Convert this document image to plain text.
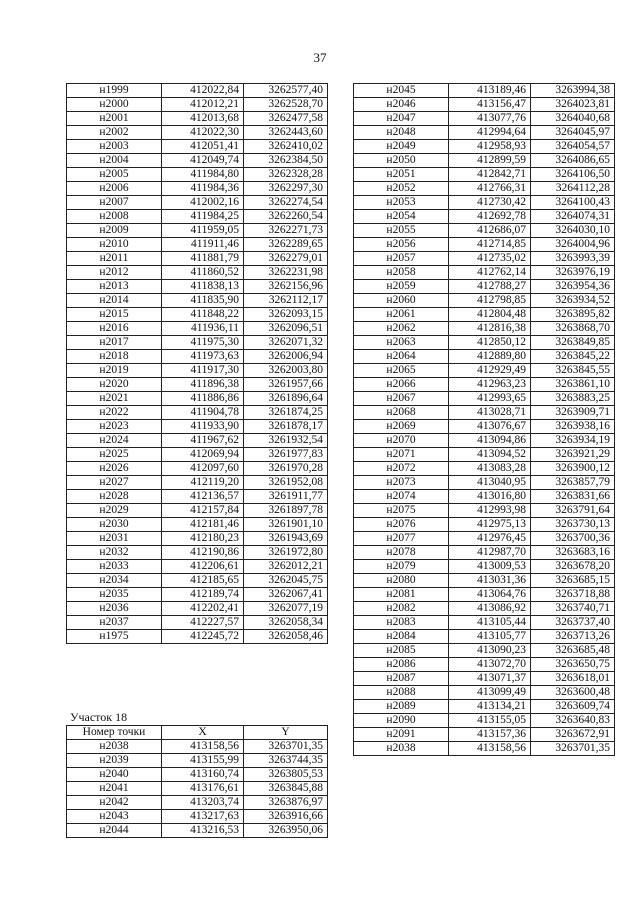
37
н1999	412022,84	3262577,40
н2000	412012,21	3262528,70
н2001	412013,68	3262477,58
н2002	412022,30	3262443,60
н2003	412051,41	3262410,02
н2004	412049,74	3262384,50
н2005	411984,80	3262328,28
н2006	411984,36	3262297,30
н2007	412002,16	3262274,54
н2008	411984,25	3262260,54
н2009	411959,05	3262271,73
н2010	411911,46	3262289,65
н2011	411881,79	3262279,01
н2012	411860,52	3262231,98
н2013	411838,13	3262156,96
н2014	411835,90	3262112,17
н2015	411848,22	3262093,15
н2016	411936,11	3262096,51
н2017	411975,30	3262071,32
н2018	411973,63	3262006,94
н2019	411917,30	3262003,80
н2020	411896,38	3261957,66
н2021	411886,86	3261896,64
н2022	411904,78	3261874,25
н2023	411933,90	3261878,17
н2024	411967,62	3261932,54
н2025	412069,94	3261977,83
н2026	412097,60	3261970,28
н2027	412119,20	3261952,08
н2028	412136,57	3261911,77
н2029	412157,84	3261897,78
н2030	412181,46	3261901,10
н2031	412180,23	3261943,69
н2032	412190,86	3261972,80
н2033	412206,61	3262012,21
н2034	412185,65	3262045,75
н2035	412189,74	3262067,41
н2036	412202,41	3262077,19
н2037	412227,57	3262058,34
н1975	412245,72	3262058,46
Участок 18
Номер точки	X	Y
н2038	413158,56	3263701,35
н2039	413155,99	3263744,35
н2040	413160,74	3263805,53
н2041	413176,61	3263845,88
н2042	413203,74	3263876,97
н2043	413217,63	3263916,66
н2044	413216,53	3263950,06
н2045	413189,46	3263994,38
н2046	413156,47	3264023,81
н2047	413077,76	3264040,68
н2048	412994,64	3264045,97
н2049	412958,93	3264054,57
н2050	412899,59	3264086,65
н2051	412842,71	3264106,50
н2052	412766,31	3264112,28
н2053	412730,42	3264100,43
н2054	412692,78	3264074,31
н2055	412686,07	3264030,10
н2056	412714,85	3264004,96
н2057	412735,02	3263993,39
н2058	412762,14	3263976,19
н2059	412788,27	3263954,36
н2060	412798,85	3263934,52
н2061	412804,48	3263895,82
н2062	412816,38	3263868,70
н2063	412850,12	3263849,85
н2064	412889,80	3263845,22
н2065	412929,49	3263845,55
н2066	412963,23	3263861,10
н2067	412993,65	3263883,25
н2068	413028,71	3263909,71
н2069	413076,67	3263938,16
н2070	413094,86	3263934,19
н2071	413094,52	3263921,29
н2072	413083,28	3263900,12
н2073	413040,95	3263857,79
н2074	413016,80	3263831,66
н2075	412993,98	3263791,64
н2076	412975,13	3263730,13
н2077	412976,45	3263700,36
н2078	412987,70	3263683,16
н2079	413009,53	3263678,20
н2080	413031,36	3263685,15
н2081	413064,76	3263718,88
н2082	413086,92	3263740,71
н2083	413105,44	3263737,40
н2084	413105,77	3263713,26
н2085	413090,23	3263685,48
н2086	413072,70	3263650,75
н2087	413071,37	3263618,01
н2088	413099,49	3263600,48
н2089	413134,21	3263609,74
н2090	413155,05	3263640,83
н2091	413157,36	3263672,91
н2038	413158,56	3263701,35
